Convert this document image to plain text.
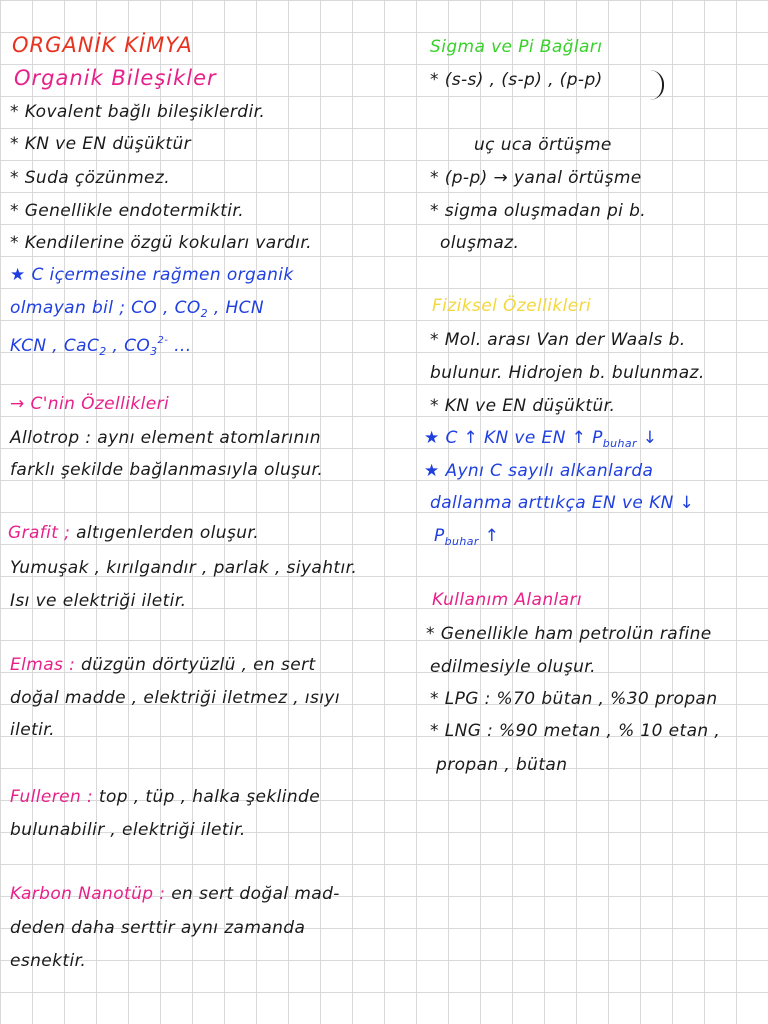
ORGANİK KİMYA
Organik Bileşikler
* Kovalent bağlı bileşiklerdir.
* KN ve EN düşüktür
* Suda çözünmez.
* Genellikle endotermiktir.
* Kendilerine özgü kokuları vardır.
★ C içermesine rağmen organik
olmayan bil ; CO , $CO_2$ , HCN
KCN , CaC$_2$ , $CO_3^{2-}$ ...
→ C'nin Özellikleri
Allotrop : aynı element atomlarının
farklı şekilde bağlanmasıyla oluşur.
Grafit ; altıgenlerden oluşur.
Yumuşak , kırılgandır , parlak , siyahtır.
Isı ve elektriği iletir.
Elmas : düzgün dörtyüzlü , en sert
doğal madde , elektriği iletmez , ısıyı
iletir.
Fulleren : top , tüp , halka şeklinde
bulunabilir , elektriği iletir.
Karbon Nanotüp : en sert doğal mad-
deden daha serttir aynı zamanda
esnektir.
Sigma ve Pi Bağları
* (s-s) , (s-p) , (p-p)
uç uca örtüşme
* (p-p) → yanal örtüşme
* sigma oluşmadan pi b.
oluşmaz.
Fiziksel Özellikleri
* Mol. arası Van der Waals b.
bulunur. Hidrojen b. bulunmaz.
* KN ve EN düşüktür.
★ C ↑ KN ve EN ↑ $P_{buhar}$ ↓
★ Aynı C sayılı alkanlarda
dallanma arttıkça EN ve KN ↓
$P_{buhar}$ ↑
Kullanım Alanları
* Genellikle ham petrolün rafine
edilmesiyle oluşur.
* LPG : %70 bütan , %30 propan
* LNG : %90 metan , % 10 etan ,
propan , bütan
